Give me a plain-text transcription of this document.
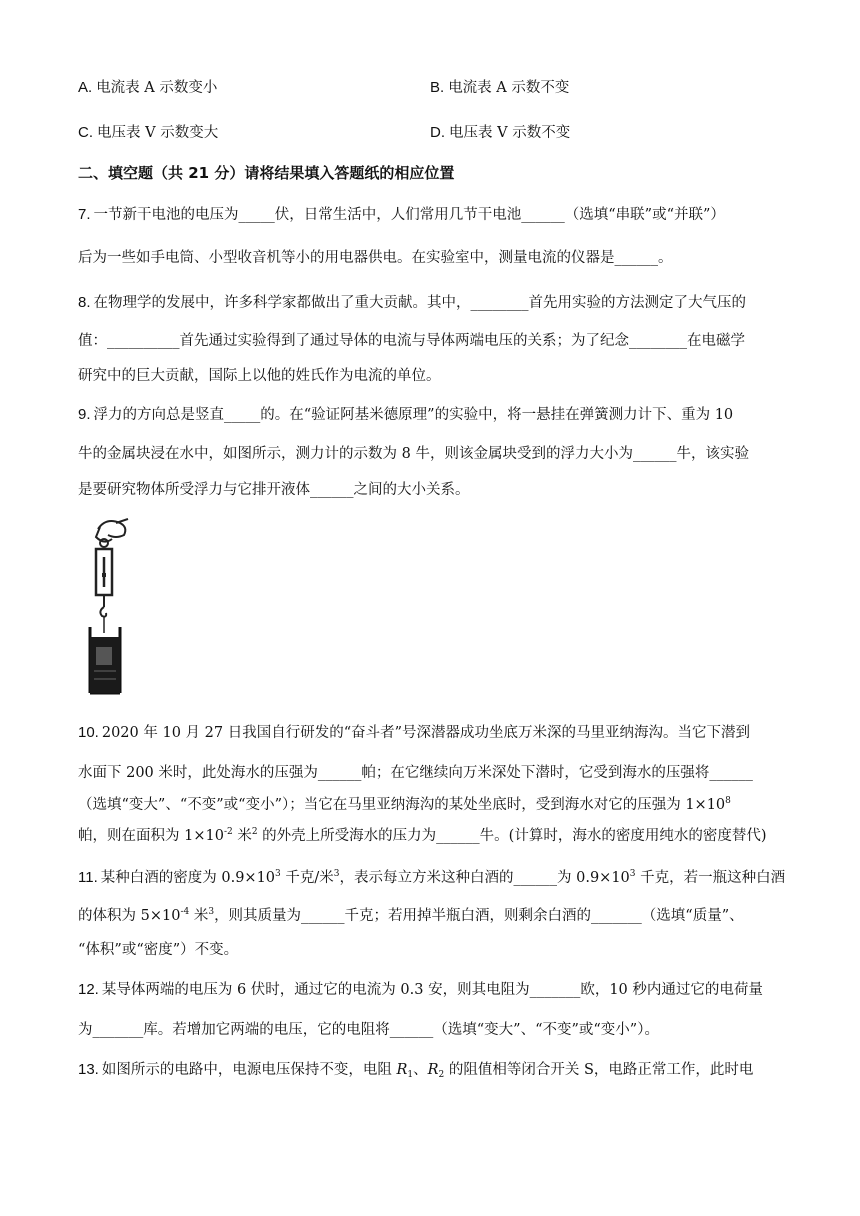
A. 电流表 A 示数变小	B. 电流表 A 示数不变
C. 电压表 V 示数变大	D. 电压表 V 示数不变
二、填空题（共 21 分）请将结果填入答题纸的相应位置
7. 一节新干电池的电压为_____伏，日常生活中，人们常用几节干电池______（选填“串联”或“并联”）
后为一些如手电筒、小型收音机等小的用电器供电。在实验室中，测量电流的仪器是______。
8. 在物理学的发展中，许多科学家都做出了重大贡献。其中，________首先用实验的方法测定了大气压的
值：__________首先通过实验得到了通过导体的电流与导体两端电压的关系；为了纪念________在电磁学
研究中的巨大贡献，国际上以他的姓氏作为电流的单位。
9. 浮力的方向总是竖直_____的。在“验证阿基米德原理”的实验中，将一悬挂在弹簧测力计下、重为 10
牛的金属块浸在水中，如图所示，测力计的示数为 8 牛，则该金属块受到的浮力大小为______牛，该实验
是要研究物体所受浮力与它排开液体______之间的大小关系。
10. 2020 年 10 月 27 日我国自行研发的“奋斗者”号深潜器成功坐底万米深的马里亚纳海沟。当它下潜到
水面下 200 米时，此处海水的压强为______帕；在它继续向万米深处下潜时，它受到海水的压强将______
（选填“变大”、“不变”或“变小”）；当它在马里亚纳海沟的某处坐底时，受到海水对它的压强为 $1\times 10^8$
帕，则在面积为 $1\times 10^{-2}$ 米$^2$ 的外壳上所受海水的压力为______牛。(计算时，海水的密度用纯水的密度替代)
11. 某种白酒的密度为 $0.9\times 10^3$ 千克/米$^3$，表示每立方米这种白酒的______为 $0.9\times 10^3$ 千克，若一瓶这种白酒
的体积为 $5\times 10^{-4}$ 米$^3$，则其质量为______千克；若用掉半瓶白酒，则剩余白酒的_______（选填“质量”、
“体积”或“密度”）不变。
12. 某导体两端的电压为 6 伏时，通过它的电流为 0.3 安，则其电阻为_______欧，10 秒内通过它的电荷量
为_______库。若增加它两端的电压，它的电阻将______（选填“变大”、“不变”或“变小”）。
13. 如图所示的电路中，电源电压保持不变，电阻 $R_1$、$R_2$ 的阻值相等闭合开关 S，电路正常工作，此时电
